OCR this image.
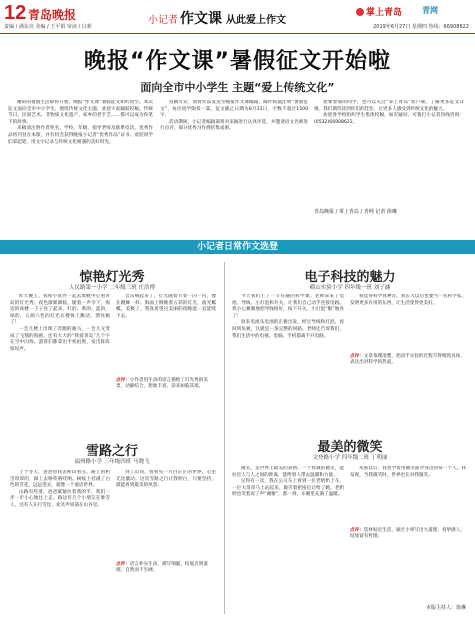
12 青岛晚报
责编 / 满东亮 美编 / 王平娟 审读 / 白莉
小记者 作文课 从此爱上作文
掌上青岛 青网
2019年6月27日 星期四 热线：66908622
晚报“作文课”暑假征文开始啦
面向全市中小学生 主题“爱上传统文化”

精彩的暑假生活即将开始，晚报“作文课”暑假征文如约而至。本次征文面向全市中小学生，围绕传统文化主题，欢迎大家踊跃投稿。传统节日、民间艺术、非物质文化遗产、家乡的老手艺……都可以成为你笔下的故事。

来稿请注明作者姓名、学校、年级、指导老师及联系电话。优秀作品将刊登在本版，并有机会获得晚报小记者“优秀作品”证书。欢迎同学们拿起笔，用文字记录与传统文化相遇的美好时光。

投稿方式：请将作品发送至晚报作文课邮箱，邮件标题注明“暑假征文”，每位同学限投一篇。征文截止日期为8月31日，字数不超过1500字。

活动期间，小记者编辑部将对来稿进行认真评选，并邀请语文名师进行点评，部分优秀习作将结集成册。

想要参加的同学，也可以关注“掌上青岛”客户端，了解更多征文详情。我们期待读到你们的佳作，让更多人感受到传统文化的魅力。

欢迎各学校组织学生集体投稿，如有疑问，可拨打小记者热线咨询：(0532)66908622。

青岛晚报 / 掌上青岛 / 青网 记者 徐琳
小记者日常作文选登
惊艳灯光秀
人民路第一小学 二年级三班 庄浩博

昨天晚上，我和小伙伴一起去奥帆中心看青岛的灯光秀。夜色渐渐降临，随着一声令下，海边的高楼一下子亮了起来，红的、黄的、蓝的、绿的，五颜六色的灯光在楼体上跳动，漂亮极了！

一会儿楼上出现了奔跑的骏马，一会儿又变成了飞翔的海鸥，还有大大的“我爱青岛”几个字在空中闪烁。游客们都拿出手机拍照，发出阵阵惊叹声。

音乐响起来了，灯光随着节奏一闪一闪，像在跳舞一样。海面上倒映着五彩的灯光，波光粼粼，美极了。我真希望这美丽的夜晚能一直延续下去。

点评：小作者用生动的语言描绘了灯光秀的美景，动静结合，想象丰富，读来如临其境。
雪路之行
福州路小学 三年级四班 马晓飞

上个冬天，爸爸带我去崂山看雪。路上的积雪厚厚的，踩上去咯吱咯吱响。树枝上挂满了白色的雪花，远远望去，就像一个童话世界。

山路有些滑，爸爸紧紧拉着我的手，我们一步一步小心地往上走。路边有几个小朋友在堆雪人，还有人在打雪仗，欢笑声回荡在山谷里。

到了山顶，我看见一片白茫茫的世界，心里无比激动。这次雪路之行让我明白，只要坚持，就能看到最美的风景。

点评：语言朴实生动，描写细腻，结尾点明道理，自然而不生硬。
电子科技的魅力
崂山实验小学 四年级一班 刘子涵

今天我们上了一节有趣的科学课。老师拿来了电池、导线、小灯泡和开关，让我们自己动手连接电路。我小心翼翼地把导线接好，按下开关，小灯泡“啪”地亮了！

原来电流从电池的正极出发，经过导线和灯泡，再回到负极，这就是一条完整的回路。老师还告诉我们，我们生活中的电视、电脑、手机都离不开电路。

我觉得科学真神奇，我长大以后也要当一名科学家，发明更多有用的东西，让生活变得更美好。

点评：文章条理清楚，把动手实验的过程写得细致具体，表达出对科学的热爱。
最美的微笑
文登路小学 四年级二班 丁明丽

微笑，是世界上最美的表情。一个真诚的微笑，能拉近人与人之间的距离，能给别人带去温暖和力量。

记得有一次，我在公交车上看到一位老奶奶上车，一位大哥哥马上站起来，微笑着把座位让给了她。老奶奶也笑着说了声“谢谢”，那一刻，车厢里充满了温暖。

从那以后，我也学着用微笑面对身边的每一个人。我发现，当我微笑时，世界也在对我微笑。

点评：选材贴近生活，通过小事写出大道理，真挚感人，结尾富有哲理。
本版主持人：徐琳
